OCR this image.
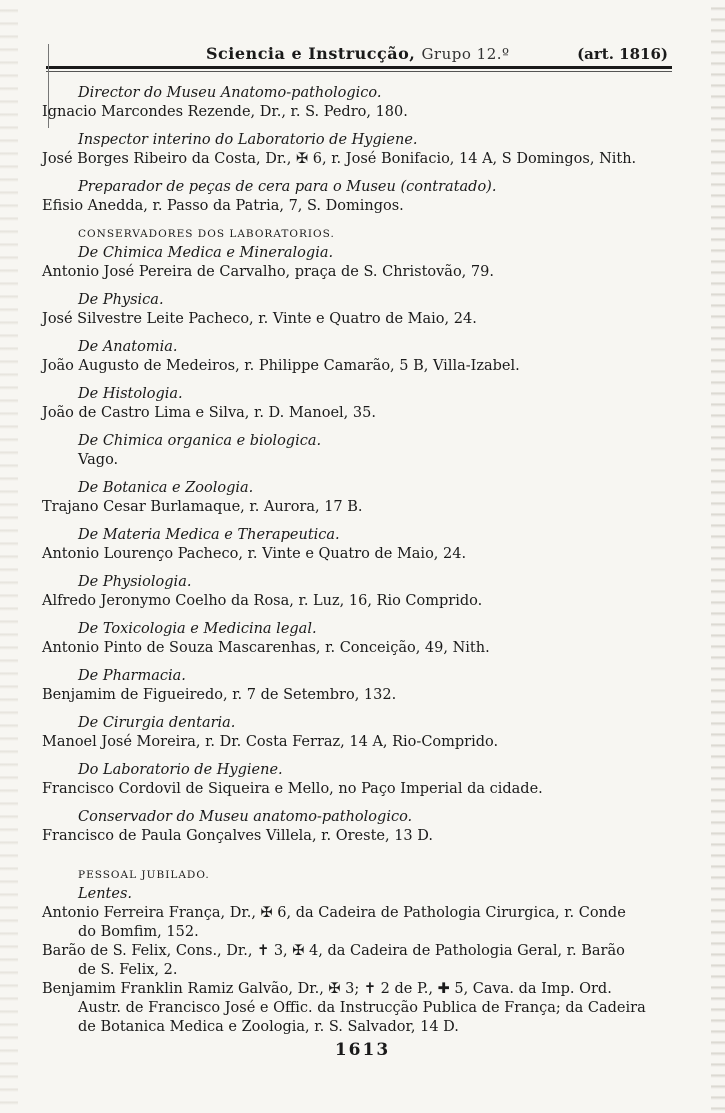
Sciencia e Instrucção, Grupo 12.º	(art. 1816)
Director do Museu Anatomo-pathologico.
Ignacio Marcondes Rezende, Dr., r. S. Pedro, 180.
Inspector interino do Laboratorio de Hygiene.
José Borges Ribeiro da Costa, Dr., ✠ 6, r. José Bonifacio, 14 A, S Domingos, Nith.
Preparador de peças de cera para o Museu (contratado).
Efisio Anedda, r. Passo da Patria, 7, S. Domingos.
CONSERVADORES DOS LABORATORIOS.
De Chimica Medica e Mineralogia.
Antonio José Pereira de Carvalho, praça de S. Christovão, 79.
De Physica.
José Silvestre Leite Pacheco, r. Vinte e Quatro de Maio, 24.
De Anatomia.
João Augusto de Medeiros, r. Philippe Camarão, 5 B, Villa-Izabel.
De Histologia.
João de Castro Lima e Silva, r. D. Manoel, 35.
De Chimica organica e biologica.
Vago.
De Botanica e Zoologia.
Trajano Cesar Burlamaque, r. Aurora, 17 B.
De Materia Medica e Therapeutica.
Antonio Lourenço Pacheco, r. Vinte e Quatro de Maio, 24.
De Physiologia.
Alfredo Jeronymo Coelho da Rosa, r. Luz, 16, Rio Comprido.
De Toxicologia e Medicina legal.
Antonio Pinto de Souza Mascarenhas, r. Conceição, 49, Nith.
De Pharmacia.
Benjamim de Figueiredo, r. 7 de Setembro, 132.
De Cirurgia dentaria.
Manoel José Moreira, r. Dr. Costa Ferraz, 14 A, Rio-Comprido.
Do Laboratorio de Hygiene.
Francisco Cordovil de Siqueira e Mello, no Paço Imperial da cidade.
Conservador do Museu anatomo-pathologico.
Francisco de Paula Gonçalves Villela, r. Oreste, 13 D.
PESSOAL JUBILADO.
Lentes.
Antonio Ferreira França, Dr., ✠ 6, da Cadeira de Pathologia Cirurgica, r. Conde
do Bomfim, 152.
Barão de S. Felix, Cons., Dr., ✝ 3, ✠ 4, da Cadeira de Pathologia Geral, r. Barão
de S. Felix, 2.
Benjamim Franklin Ramiz Galvão, Dr., ✠ 3; ✝ 2 de P., ✚ 5, Cava. da Imp. Ord.
Austr. de Francisco José e Offic. da Instrucção Publica de França; da Cadeira
de Botanica Medica e Zoologia, r. S. Salvador, 14 D.
1613
